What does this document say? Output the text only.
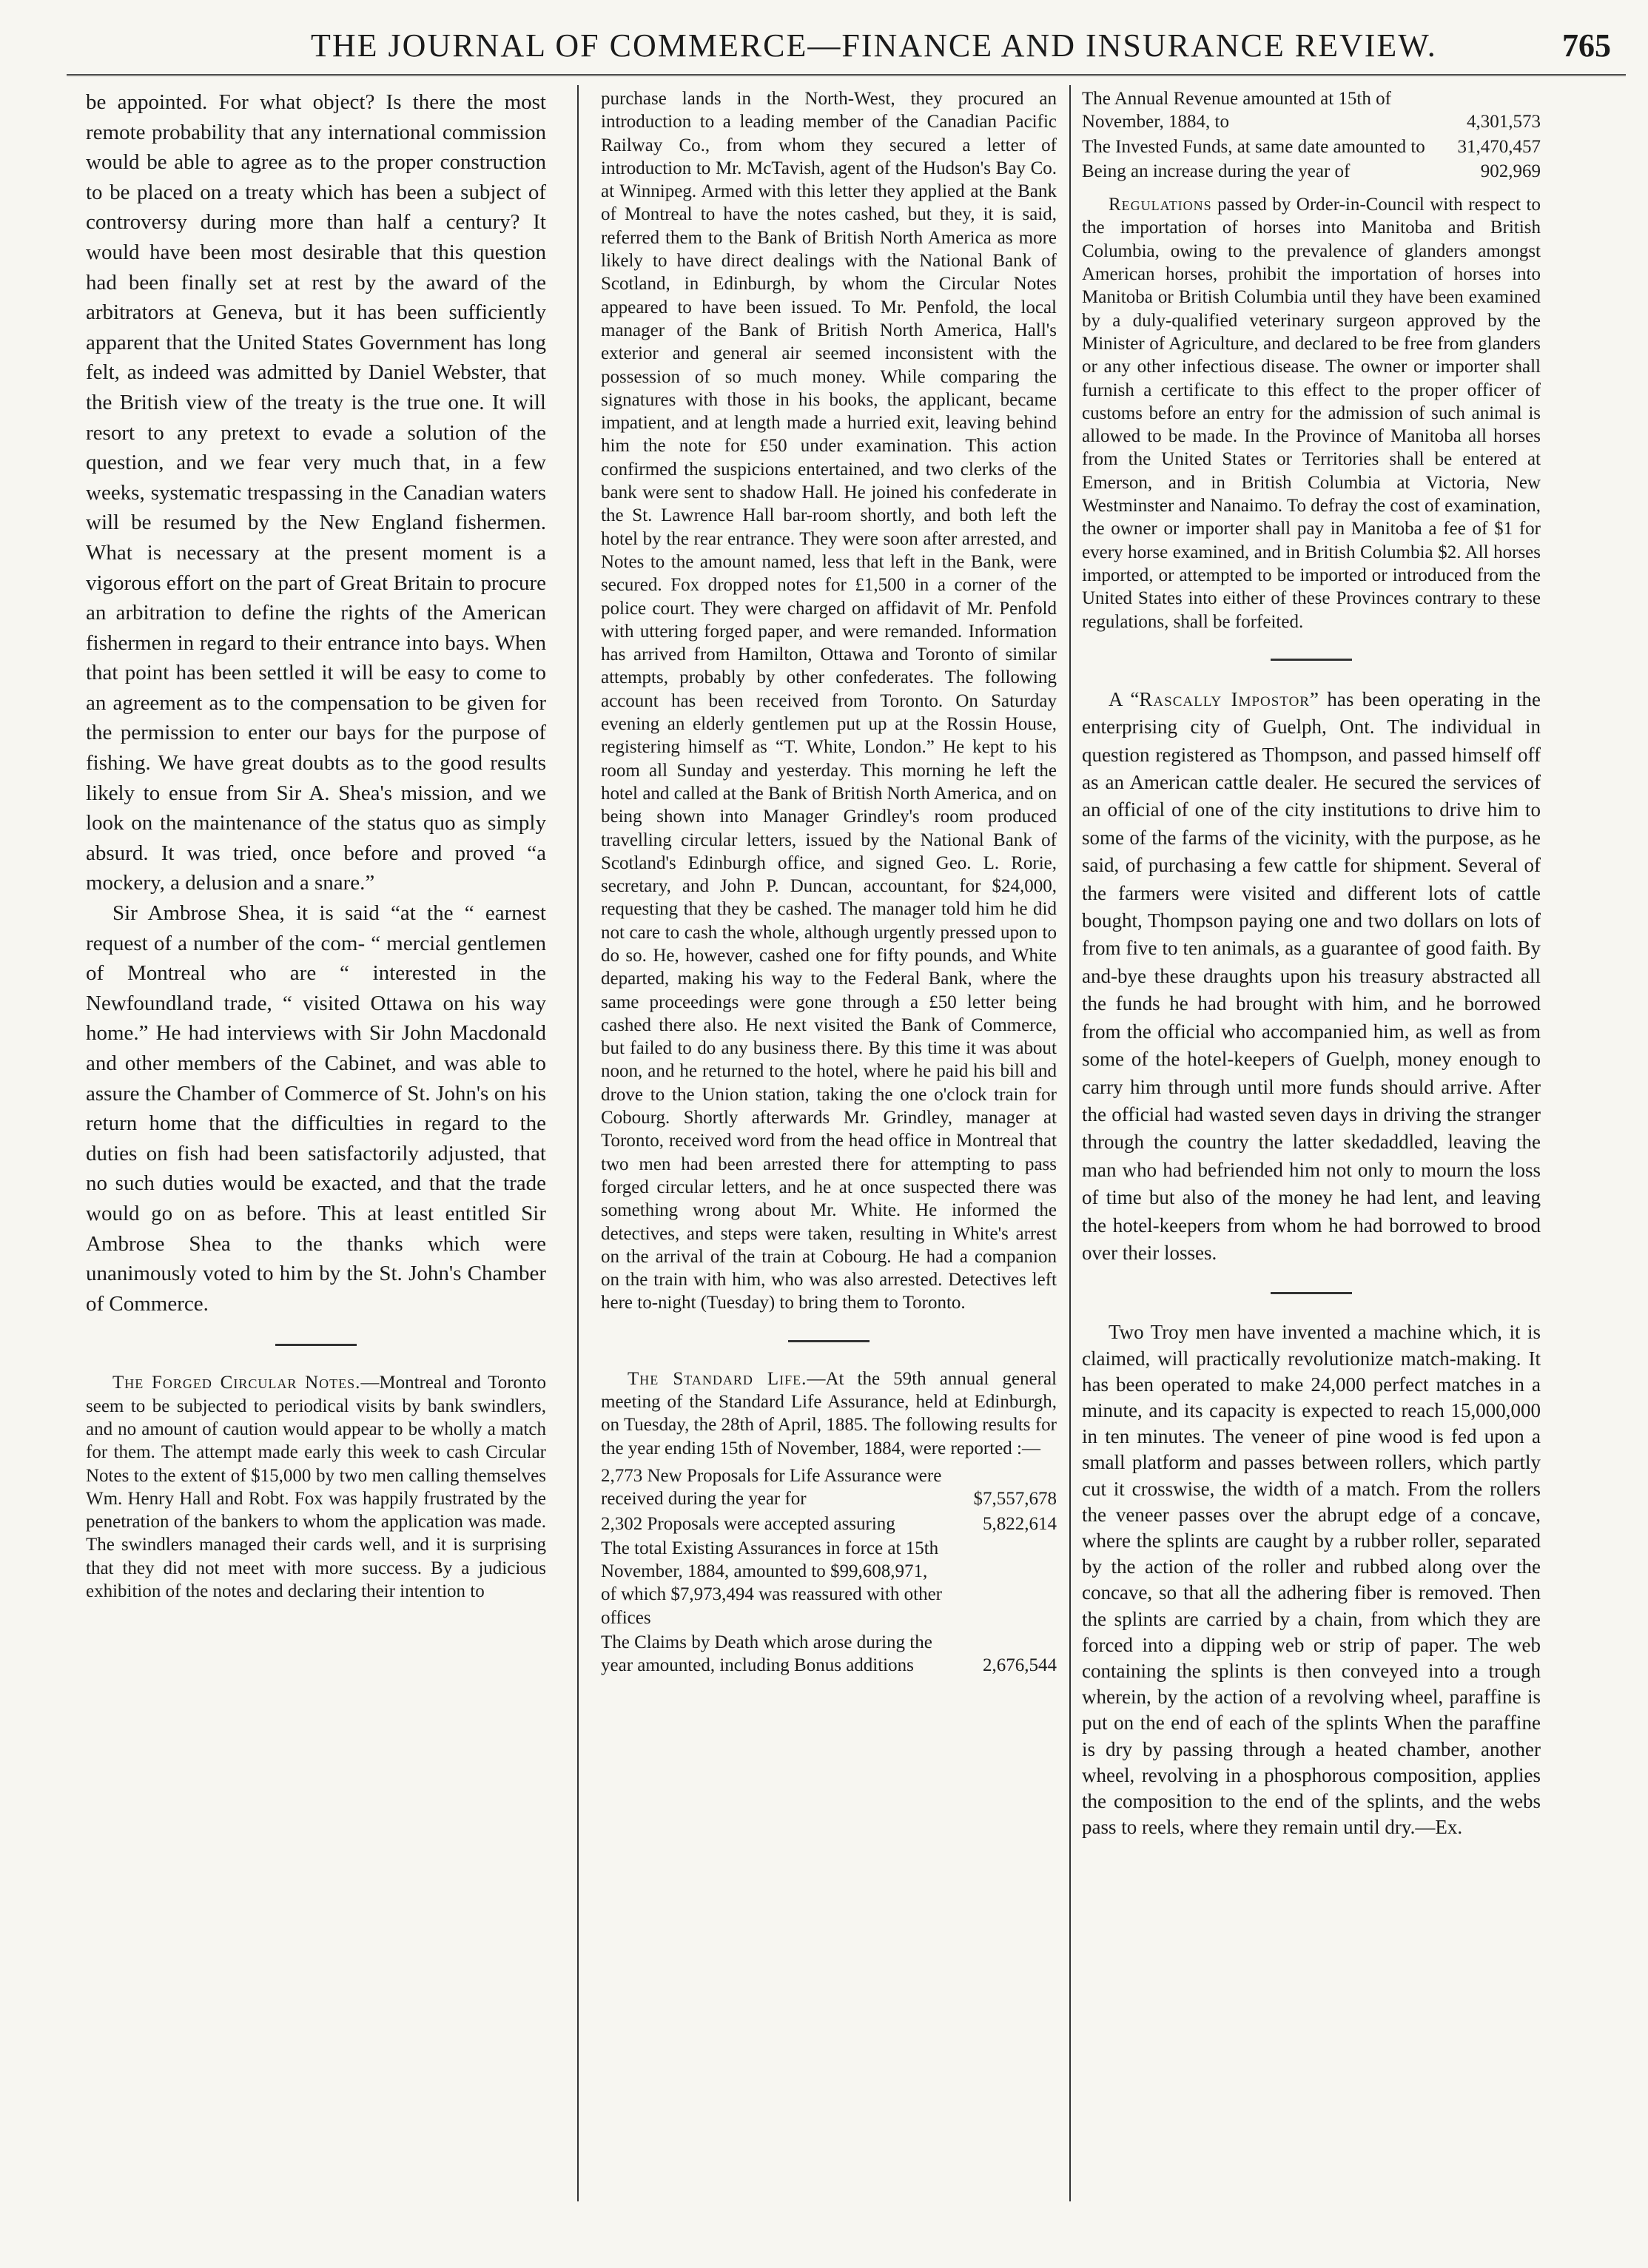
THE JOURNAL OF COMMERCE—FINANCE AND INSURANCE REVIEW.	765

be appointed. For what object? Is there the most remote probability that any international commission would be able to agree as to the proper construction to be placed on a treaty which has been a subject of controversy during more than half a century? It would have been most desirable that this question had been finally set at rest by the award of the arbitrators at Geneva, but it has been sufficiently apparent that the United States Government has long felt, as indeed was admitted by Daniel Webster, that the British view of the treaty is the true one. It will resort to any pretext to evade a solution of the question, and we fear very much that, in a few weeks, systematic trespassing in the Canadian waters will be resumed by the New England fishermen. What is necessary at the present moment is a vigorous effort on the part of Great Britain to procure an arbitration to define the rights of the American fishermen in regard to their entrance into bays. When that point has been settled it will be easy to come to an agreement as to the compensation to be given for the permission to enter our bays for the purpose of fishing. We have great doubts as to the good results likely to ensue from Sir A. Shea's mission, and we look on the maintenance of the status quo as simply absurd. It was tried, once before and proved “a mockery, a delusion and a snare.”

Sir Ambrose Shea, it is said “at the “ earnest request of a number of the com- “ mercial gentlemen of Montreal who are “ interested in the Newfoundland trade, “ visited Ottawa on his way home.” He had interviews with Sir John Macdonald and other members of the Cabinet, and was able to assure the Chamber of Commerce of St. John's on his return home that the difficulties in regard to the duties on fish had been satisfactorily adjusted, that no such duties would be exacted, and that the trade would go on as before. This at least entitled Sir Ambrose Shea to the thanks which were unanimously voted to him by the St. John's Chamber of Commerce.

The Forged Circular Notes.—Montreal and Toronto seem to be subjected to periodical visits by bank swindlers, and no amount of caution would appear to be wholly a match for them. The attempt made early this week to cash Circular Notes to the extent of $15,000 by two men calling themselves Wm. Henry Hall and Robt. Fox was happily frustrated by the penetration of the bankers to whom the application was made. The swindlers managed their cards well, and it is surprising that they did not meet with more success. By a judicious exhibition of the notes and declaring their intention to

purchase lands in the North-West, they procured an introduction to a leading member of the Canadian Pacific Railway Co., from whom they secured a letter of introduction to Mr. McTavish, agent of the Hudson's Bay Co. at Winnipeg. Armed with this letter they applied at the Bank of Montreal to have the notes cashed, but they, it is said, referred them to the Bank of British North America as more likely to have direct dealings with the National Bank of Scotland, in Edinburgh, by whom the Circular Notes appeared to have been issued. To Mr. Penfold, the local manager of the Bank of British North America, Hall's exterior and general air seemed inconsistent with the possession of so much money. While comparing the signatures with those in his books, the applicant, became impatient, and at length made a hurried exit, leaving behind him the note for £50 under examination. This action confirmed the suspicions entertained, and two clerks of the bank were sent to shadow Hall. He joined his confederate in the St. Lawrence Hall bar-room shortly, and both left the hotel by the rear entrance. They were soon after arrested, and Notes to the amount named, less that left in the Bank, were secured. Fox dropped notes for £1,500 in a corner of the police court. They were charged on affidavit of Mr. Penfold with uttering forged paper, and were remanded. Information has arrived from Hamilton, Ottawa and Toronto of similar attempts, probably by other confederates. The following account has been received from Toronto. On Saturday evening an elderly gentlemen put up at the Rossin House, registering himself as “T. White, London.” He kept to his room all Sunday and yesterday. This morning he left the hotel and called at the Bank of British North America, and on being shown into Manager Grindley's room produced travelling circular letters, issued by the National Bank of Scotland's Edinburgh office, and signed Geo. L. Rorie, secretary, and John P. Duncan, accountant, for $24,000, requesting that they be cashed. The manager told him he did not care to cash the whole, although urgently pressed upon to do so. He, however, cashed one for fifty pounds, and White departed, making his way to the Federal Bank, where the same proceedings were gone through a £50 letter being cashed there also. He next visited the Bank of Commerce, but failed to do any business there. By this time it was about noon, and he returned to the hotel, where he paid his bill and drove to the Union station, taking the one o'clock train for Cobourg. Shortly afterwards Mr. Grindley, manager at Toronto, received word from the head office in Montreal that two men had been arrested there for attempting to pass forged circular letters, and he at once suspected there was something wrong about Mr. White. He informed the detectives, and steps were taken, resulting in White's arrest on the arrival of the train at Cobourg. He had a companion on the train with him, who was also arrested. Detectives left here to-night (Tuesday) to bring them to Toronto.

The Standard Life.—At the 59th annual general meeting of the Standard Life Assurance, held at Edinburgh, on Tuesday, the 28th of April, 1885. The following results for the year ending 15th of November, 1884, were reported :—

2,773 New Proposals for Life Assurance were received during the year for	$7,557,678
2,302 Proposals were accepted assuring	5,822,614
The total Existing Assurances in force at 15th November, 1884, amounted to $99,608,971, of which $7,973,494 was reassured with other offices
The Claims by Death which arose during the year amounted, including Bonus additions	2,676,544
The Annual Revenue amounted at 15th of November, 1884, to	4,301,573
The Invested Funds, at same date amounted to	31,470,457
Being an increase during the year of	902,969

Regulations passed by Order-in-Council with respect to the importation of horses into Manitoba and British Columbia, owing to the prevalence of glanders amongst American horses, prohibit the importation of horses into Manitoba or British Columbia until they have been examined by a duly-qualified veterinary surgeon approved by the Minister of Agriculture, and declared to be free from glanders or any other infectious disease. The owner or importer shall furnish a certificate to this effect to the proper officer of customs before an entry for the admission of such animal is allowed to be made. In the Province of Manitoba all horses from the United States or Territories shall be entered at Emerson, and in British Columbia at Victoria, New Westminster and Nanaimo. To defray the cost of examination, the owner or importer shall pay in Manitoba a fee of $1 for every horse examined, and in British Columbia $2. All horses imported, or attempted to be imported or introduced from the United States into either of these Provinces contrary to these regulations, shall be forfeited.

A “Rascally Impostor” has been operating in the enterprising city of Guelph, Ont. The individual in question registered as Thompson, and passed himself off as an American cattle dealer. He secured the services of an official of one of the city institutions to drive him to some of the farms of the vicinity, with the purpose, as he said, of purchasing a few cattle for shipment. Several of the farmers were visited and different lots of cattle bought, Thompson paying one and two dollars on lots of from five to ten animals, as a guarantee of good faith. By and-bye these draughts upon his treasury abstracted all the funds he had brought with him, and he borrowed from the official who accompanied him, as well as from some of the hotel-keepers of Guelph, money enough to carry him through until more funds should arrive. After the official had wasted seven days in driving the stranger through the country the latter skedaddled, leaving the man who had befriended him not only to mourn the loss of time but also of the money he had lent, and leaving the hotel-keepers from whom he had borrowed to brood over their losses.

Two Troy men have invented a machine which, it is claimed, will practically revolutionize match-making. It has been operated to make 24,000 perfect matches in a minute, and its capacity is expected to reach 15,000,000 in ten minutes. The veneer of pine wood is fed upon a small platform and passes between rollers, which partly cut it crosswise, the width of a match. From the rollers the veneer passes over the abrupt edge of a concave, where the splints are caught by a rubber roller, separated by the action of the roller and rubbed along over the concave, so that all the adhering fiber is removed. Then the splints are carried by a chain, from which they are forced into a dipping web or strip of paper. The web containing the splints is then conveyed into a trough wherein, by the action of a revolving wheel, paraffine is put on the end of each of the splints When the paraffine is dry by passing through a heated chamber, another wheel, revolving in a phosphorous composition, applies the composition to the end of the splints, and the webs pass to reels, where they remain until dry.—Ex.
